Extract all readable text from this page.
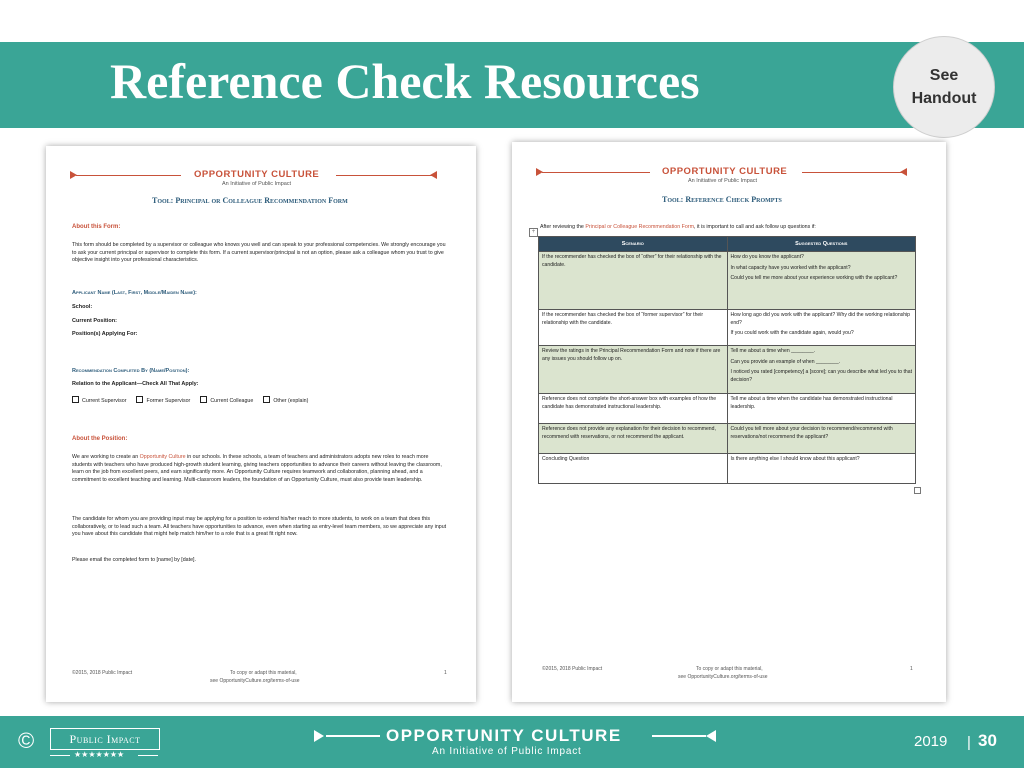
Reference Check Resources	See
Handout
OPPORTUNITY CULTURE
An Initiative of Public Impact
Tool: Principal or Colleague Recommendation Form
About this Form:
This form should be completed by a supervisor or colleague who knows you well and can speak to your professional competencies. We strongly encourage you to ask your current principal or supervisor to complete this form. If a current supervisor/principal is not an option, please ask a colleague whom you trust to give objective insight into your professional characteristics.
Applicant Name (Last, First, Middle/Maiden Name):
School:
Current Position:
Position(s) Applying For:
Recommendation Completed By (Name/Position):
Relation to the Applicant—Check All That Apply:
Current Supervisor	Former Supervisor	Current Colleague	Other (explain)
About the Position:
We are working to create an Opportunity Culture in our schools. In these schools, a team of teachers and administrators adopts new roles to reach more students with teachers who have produced high-growth student learning, giving teachers opportunities to advance their careers without leaving the classroom, learn on the job from excellent peers, and earn significantly more. An Opportunity Culture requires teamwork and collaboration, planning ahead, and a commitment to excellent teaching and learning. Multi-classroom leaders, the foundation of an Opportunity Culture, must also provide team leadership.
The candidate for whom you are providing input may be applying for a position to extend his/her reach to more students, to work on a team that does this collaboratively, or to lead such a team. All teachers have opportunities to advance, even when starting as entry-level team members, so we appreciate any input you have about this candidate that might help match him/her to a role that is a great fit right now.
Please email the completed form to [name] by [date].
©2015, 2018 Public Impact	To copy or adapt this material,
see OpportunityCulture.org/terms-of-use
1
OPPORTUNITY CULTURE
An Initiative of Public Impact
Tool: Reference Check Prompts
+
After reviewing the Principal or Colleague Recommendation Form, it is important to call and ask follow up questions if:
Scenario	Suggested Questions
If the recommender has checked the box of “other” for their relationship with the candidate.	How do you know the applicant?

In what capacity have you worked with the applicant?

Could you tell me more about your experience working with the applicant?

If the recommender has checked the box of “former supervisor” for their relationship with the candidate.	How long ago did you work with the applicant? Why did the working relationship end?

If you could work with the candidate again, would you?

Review the ratings in the Principal Recommendation Form and note if there are any issues you should follow up on.	Tell me about a time when ________.

Can you provide an example of when ________.

I noticed you rated [competency] a [score]; can you describe what led you to that decision?

Reference does not complete the short-answer box with examples of how the candidate has demonstrated instructional leadership.	Tell me about a time when the candidate has demonstrated instructional leadership.

Reference does not provide any explanation for their decision to recommend, recommend with reservations, or not recommend the applicant.	Could you tell more about your decision to recommend/recommend with reservations/not recommend the applicant?

Concluding Question	Is there anything else I should know about this applicant?

©2015, 2018 Public Impact	To copy or adapt this material,
see OpportunityCulture.org/terms-of-use
1
©	Public Impact
★★★★★★★
OPPORTUNITY CULTURE
An Initiative of Public Impact
2019 | 30
